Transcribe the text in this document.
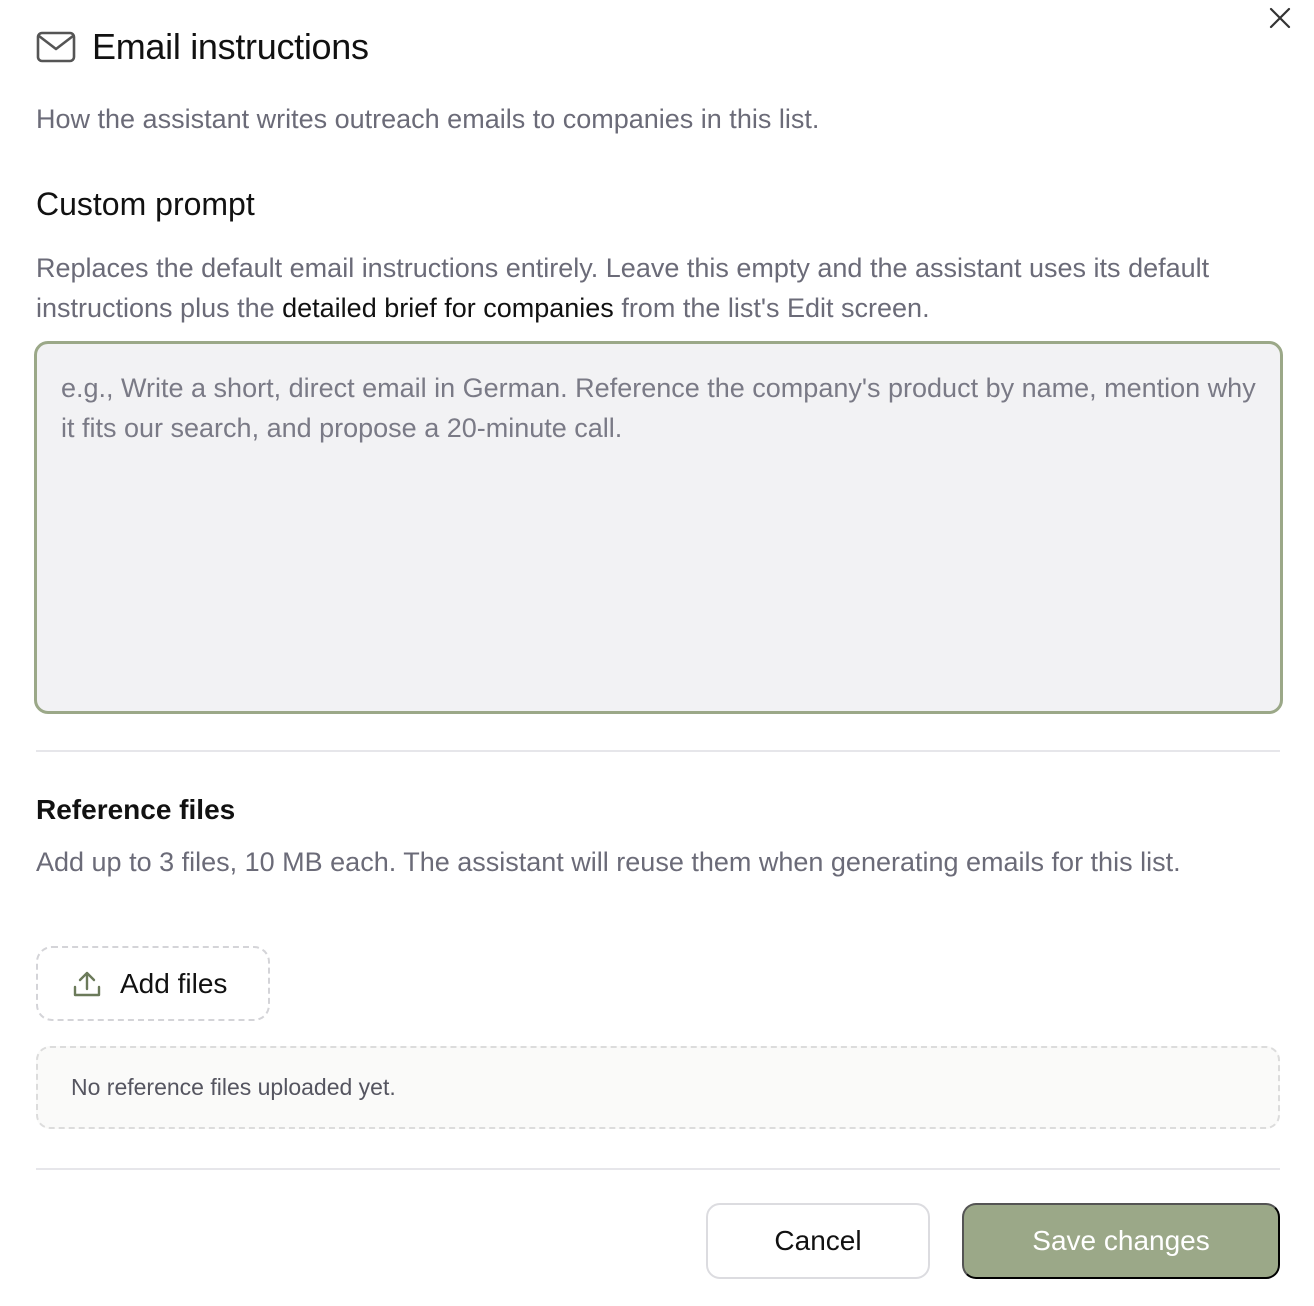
Email instructions

How the assistant writes outreach emails to companies in this list.

Custom prompt

Replaces the default email instructions entirely. Leave this empty and the assistant uses its default instructions plus the detailed brief for companies from the list's Edit screen.

e.g., Write a short, direct email in German. Reference the company's product by name, mention why it fits our search, and propose a 20-minute call.
Reference files

Add up to 3 files, 10 MB each. The assistant will reuse them when generating emails for this list.

Add files
No reference files uploaded yet.
Cancel	Save changes
